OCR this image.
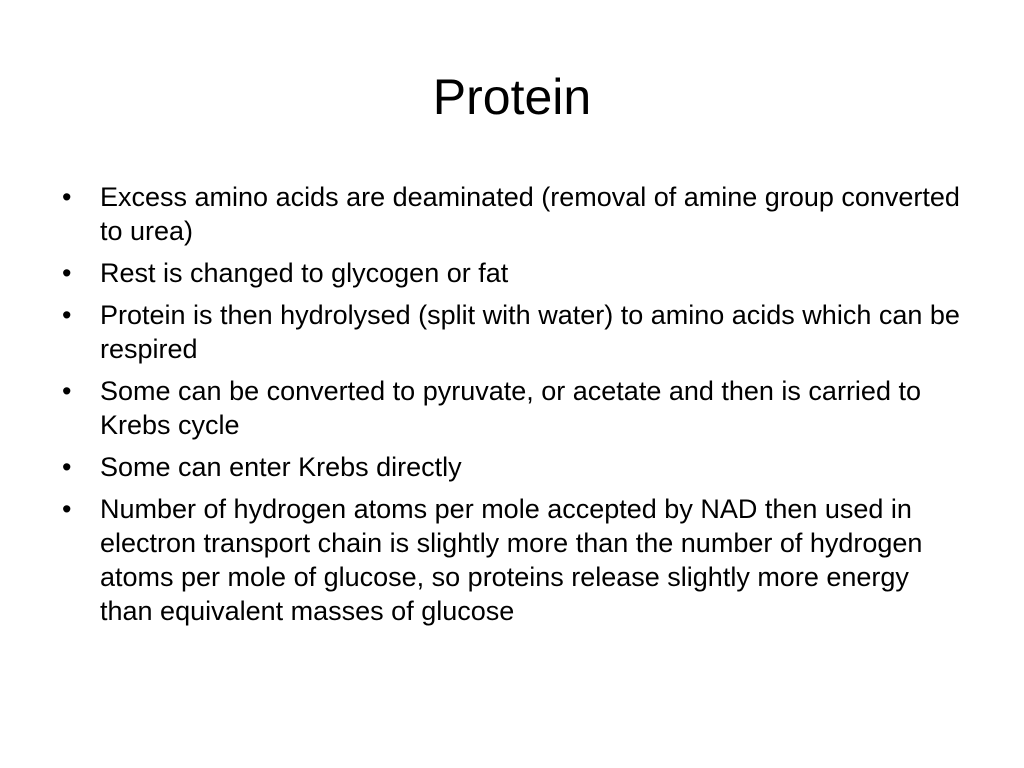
Protein
•	Excess amino acids are deaminated (removal of amine group converted to urea)
•	Rest is changed to glycogen or fat
•	Protein is then hydrolysed (split with water) to amino acids which can be respired
•	Some can be converted to pyruvate, or acetate and then is carried to Krebs cycle
•	Some can enter Krebs directly
•	Number of hydrogen atoms per mole accepted by NAD then used in electron transport chain is slightly more than the number of hydrogen atoms per mole of glucose, so proteins release slightly more energy than equivalent masses of glucose
